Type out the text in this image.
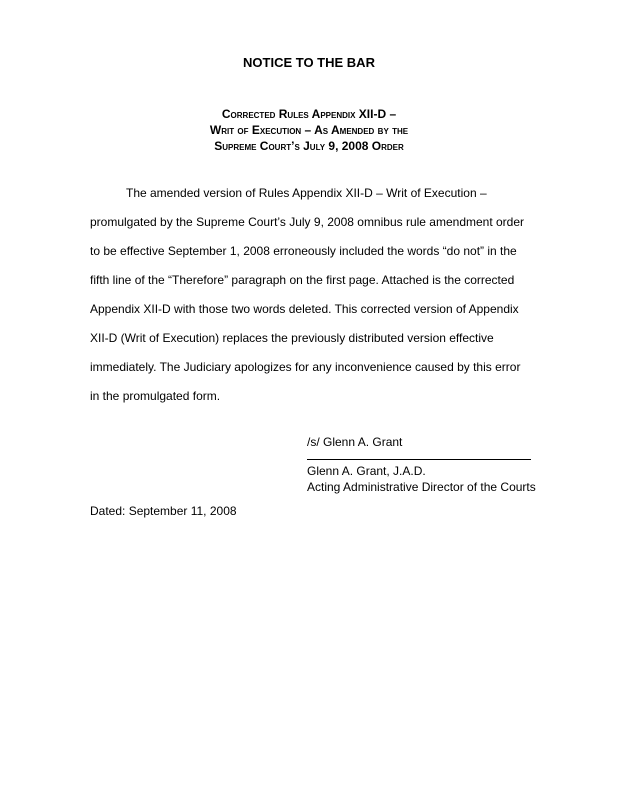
NOTICE TO THE BAR
Corrected Rules Appendix XII-D –
Writ of Execution – As Amended by the
Supreme Court’s July 9, 2008 Order
The amended version of Rules Appendix XII-D – Writ of Execution –
promulgated by the Supreme Court’s July 9, 2008 omnibus rule amendment order
to be effective September 1, 2008 erroneously included the words “do not” in the
fifth line of the “Therefore” paragraph on the first page. Attached is the corrected
Appendix XII-D with those two words deleted. This corrected version of Appendix
XII-D (Writ of Execution) replaces the previously distributed version effective
immediately. The Judiciary apologizes for any inconvenience caused by this error
in the promulgated form.
/s/ Glenn A. Grant
Glenn A. Grant, J.A.D.
Acting Administrative Director of the Courts
Dated: September 11, 2008
